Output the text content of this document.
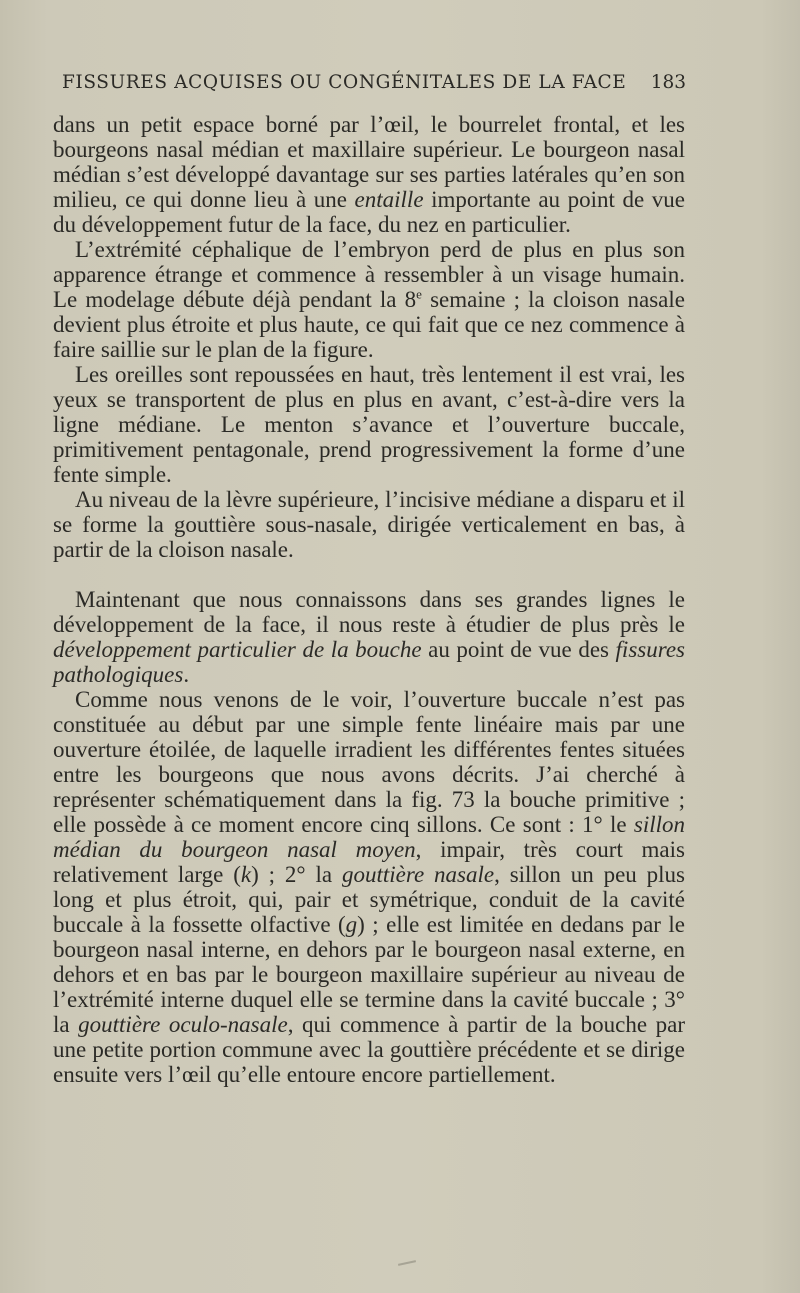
FISSURES ACQUISES OU CONGÉNITALES DE LA FACE 183

dans un petit espace borné par l’œil, le bourrelet frontal, et les bourgeons nasal médian et maxillaire supérieur. Le bourgeon nasal médian s’est développé davantage sur ses parties latérales qu’en son milieu, ce qui donne lieu à une entaille importante au point de vue du développement futur de la face, du nez en particulier.

L’extrémité céphalique de l’embryon perd de plus en plus son apparence étrange et commence à ressembler à un visage humain. Le modelage débute déjà pendant la 8e semaine ; la cloison nasale devient plus étroite et plus haute, ce qui fait que ce nez commence à faire saillie sur le plan de la figure.

Les oreilles sont repoussées en haut, très lentement il est vrai, les yeux se transportent de plus en plus en avant, c’est-à-dire vers la ligne médiane. Le menton s’avance et l’ouverture buccale, primitivement pentagonale, prend progressivement la forme d’une fente simple.

Au niveau de la lèvre supérieure, l’incisive médiane a disparu et il se forme la gouttière sous-nasale, dirigée verticalement en bas, à partir de la cloison nasale.

Maintenant que nous connaissons dans ses grandes lignes le développement de la face, il nous reste à étudier de plus près le développement particulier de la bouche au point de vue des fissures pathologiques.

Comme nous venons de le voir, l’ouverture buccale n’est pas constituée au début par une simple fente linéaire mais par une ouverture étoilée, de laquelle irradient les différentes fentes situées entre les bourgeons que nous avons décrits. J’ai cherché à représenter schématiquement dans la fig. 73 la bouche primitive ; elle possède à ce moment encore cinq sillons. Ce sont : 1° le sillon médian du bourgeon nasal moyen, impair, très court mais relativement large (k) ; 2° la gouttière nasale, sillon un peu plus long et plus étroit, qui, pair et symétrique, conduit de la cavité buccale à la fossette olfactive (g) ; elle est limitée en dedans par le bourgeon nasal interne, en dehors par le bourgeon nasal externe, en dehors et en bas par le bourgeon maxillaire supérieur au niveau de l’extrémité interne duquel elle se termine dans la cavité buccale ; 3° la gouttière oculo-nasale, qui commence à partir de la bouche par une petite portion commune avec la gouttière précédente et se dirige ensuite vers l’œil qu’elle entoure encore partiellement.
